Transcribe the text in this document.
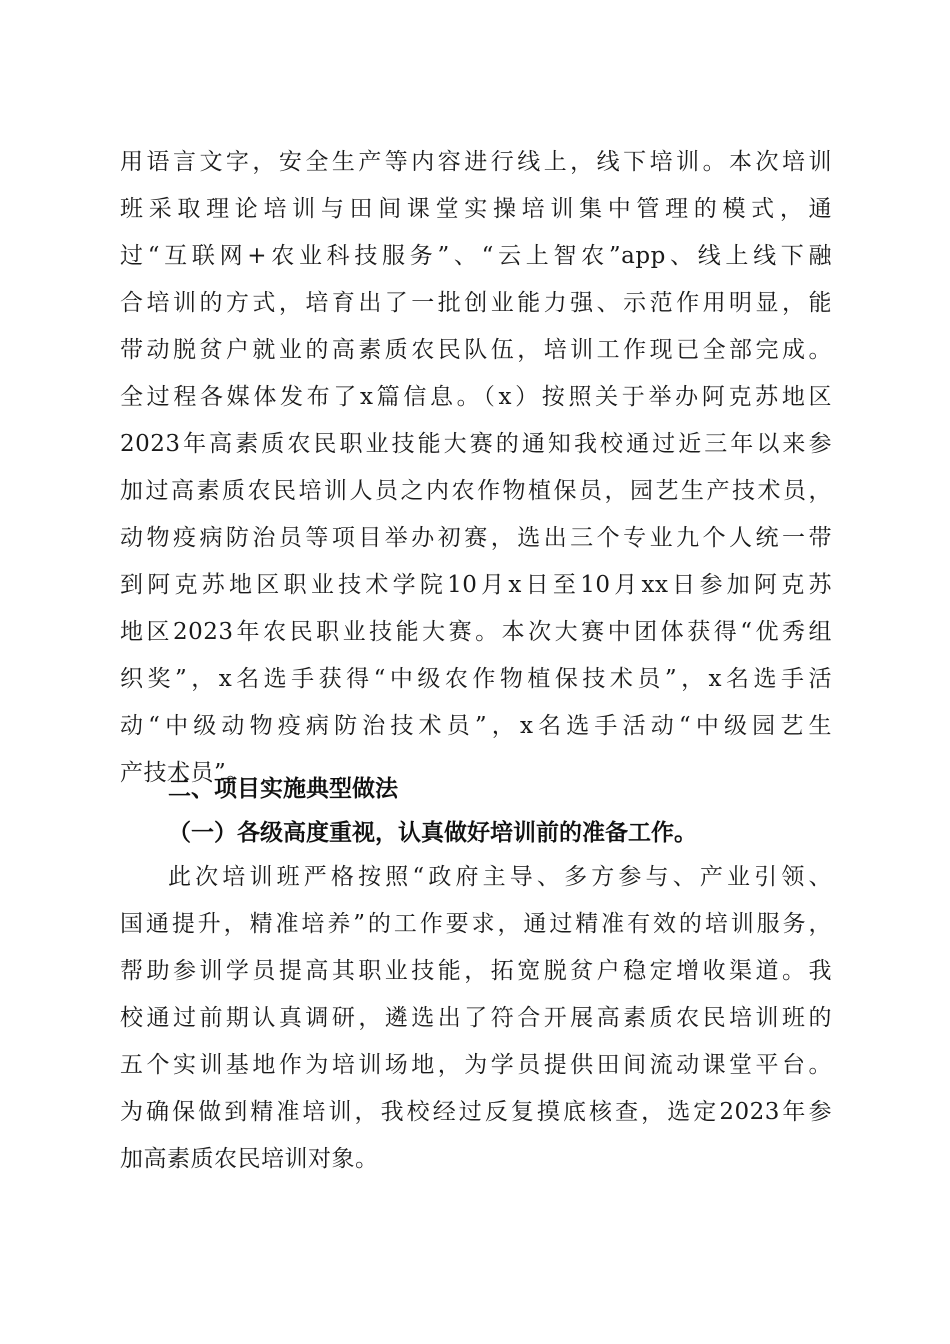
用语言文字，安全生产等内容进行线上，线下培训。本次培训
班采取理论培训与田间课堂实操培训集中管理的模式，通
过“互联网+农业科技服务”、“云上智农”app、线上线下融
合培训的方式，培育出了一批创业能力强、示范作用明显，能
带动脱贫户就业的高素质农民队伍，培训工作现已全部完成。
全过程各媒体发布了x篇信息。（x）按照关于举办阿克苏地区
2023年高素质农民职业技能大赛的通知我校通过近三年以来参
加过高素质农民培训人员之内农作物植保员，园艺生产技术员，
动物疫病防治员等项目举办初赛，选出三个专业九个人统一带
到阿克苏地区职业技术学院10月x日至10月xx日参加阿克苏
地区2023年农民职业技能大赛。本次大赛中团体获得“优秀组
织奖”，x名选手获得“中级农作物植保技术员”，x名选手活
动“中级动物疫病防治技术员”，x名选手活动“中级园艺生
产技术员”。
二、项目实施典型做法
（一）各级高度重视，认真做好培训前的准备工作。
此次培训班严格按照“政府主导、多方参与、产业引领、
国通提升，精准培养”的工作要求，通过精准有效的培训服务，
帮助参训学员提高其职业技能，拓宽脱贫户稳定增收渠道。我
校通过前期认真调研，遴选出了符合开展高素质农民培训班的
五个实训基地作为培训场地，为学员提供田间流动课堂平台。
为确保做到精准培训，我校经过反复摸底核查，选定2023年参
加高素质农民培训对象。
